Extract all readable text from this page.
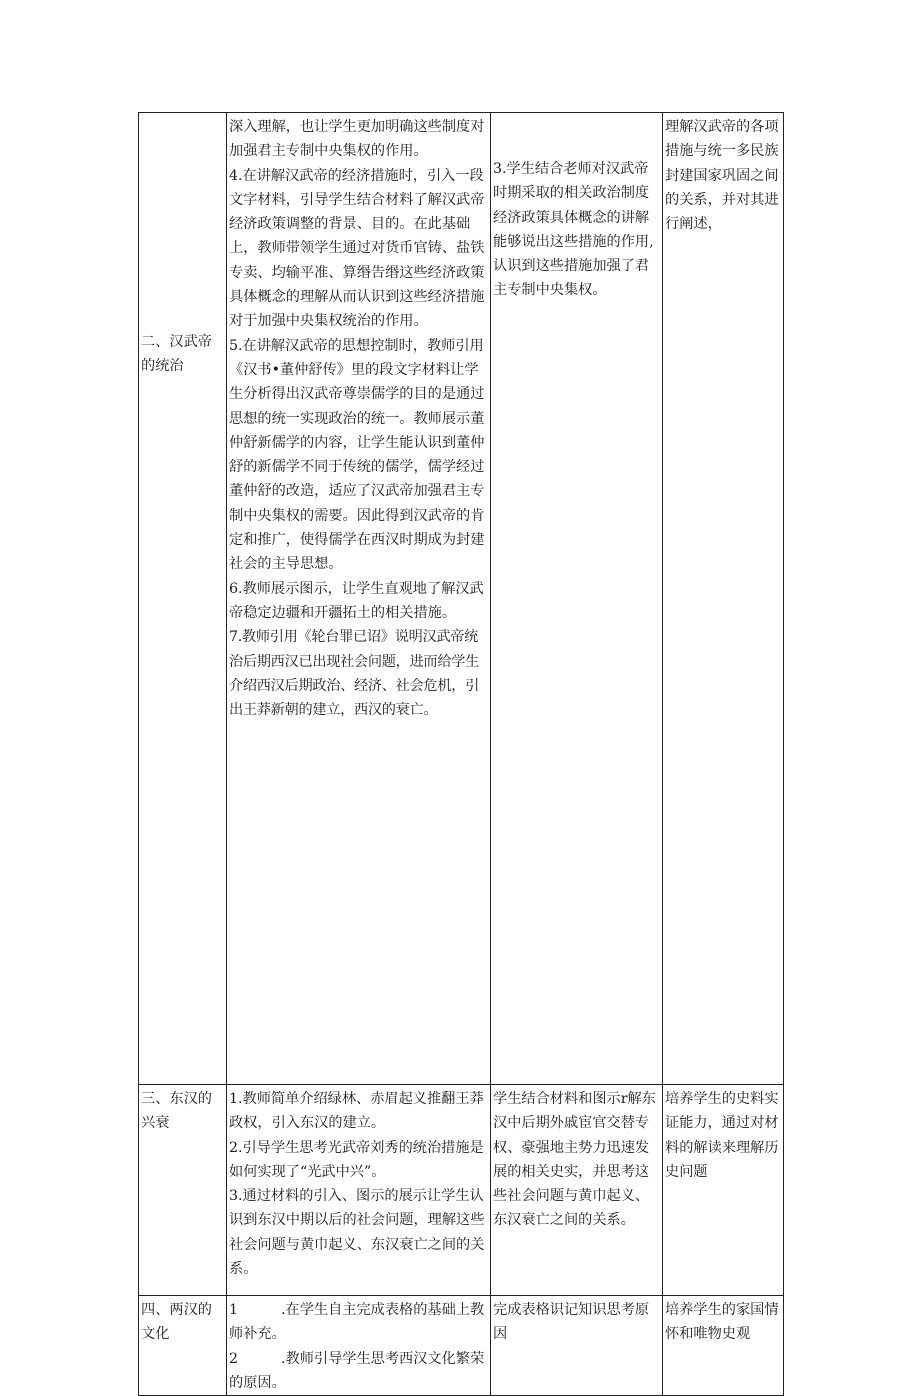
二、汉武帝的统治	深入理解，也让学生更加明确这些制度对加强君主专制中央集权的作用。

4.在讲解汉武帝的经济措施时，引入一段文字材料，引导学生结合材料了解汉武帝经济政策调整的背景、目的。在此基础上，教师带领学生通过对货币官铸、盐铁专卖、均输平准、算缗告缗这些经济政策具体概念的理解从而认识到这些经济措施对于加强中央集权统治的作用。

5.在讲解汉武帝的思想控制时，教师引用《汉书•董仲舒传》里的段文字材料让学生分析得出汉武帝尊崇儒学的目的是通过思想的统一实现政治的统一。教师展示董仲舒新儒学的内容，让学生能认识到董仲舒的新儒学不同于传统的儒学，儒学经过董仲舒的改造，适应了汉武帝加强君主专制中央集权的需要。因此得到汉武帝的肯定和推广，使得儒学在西汉时期成为封建社会的主导思想。

6.教师展示图示，让学生直观地了解汉武帝稳定边疆和开疆拓土的相关措施。

7.教师引用《轮台罪已诏》说明汉武帝统治后期西汉已出现社会问题，进而给学生介绍西汉后期政治、经济、社会危机，引出王莽新朝的建立，西汉的衰亡。	3.学生结合老师对汉武帝时期采取的相关政治制度经济政策具体概念的讲解能够说出这些措施的作用,认识到这些措施加强了君主专制中央集权。	理解汉武帝的各项措施与统一多民族封建国家巩固之间的关系，并对其进行阐述，

三、东汉的兴衰	1.教师简单介绍绿林、赤眉起义推翻王莽政权，引入东汉的建立。

2.引导学生思考光武帝刘秀的统治措施是如何实现了“光武中兴”。

3.通过材料的引入、图示的展示让学生认识到东汉中期以后的社会问题，理解这些社会问题与黄巾起义、东汉衰亡之间的关系。	学生结合材料和图示r解东汉中后期外戚宦官交替专权、豪强地主势力迅速发展的相关史实，并思考这些社会问题与黄巾起义、东汉衰亡之间的关系。	培养学生的史料实证能力，通过对材料的解读来理解历史问题

四、两汉的文化	1 .在学生自主完成表格的基础上教师补充。

2 .教师引导学生思考西汉文化繁荣的原因。	完成表格识记知识思考原因	培养学生的家国情怀和唯物史观
